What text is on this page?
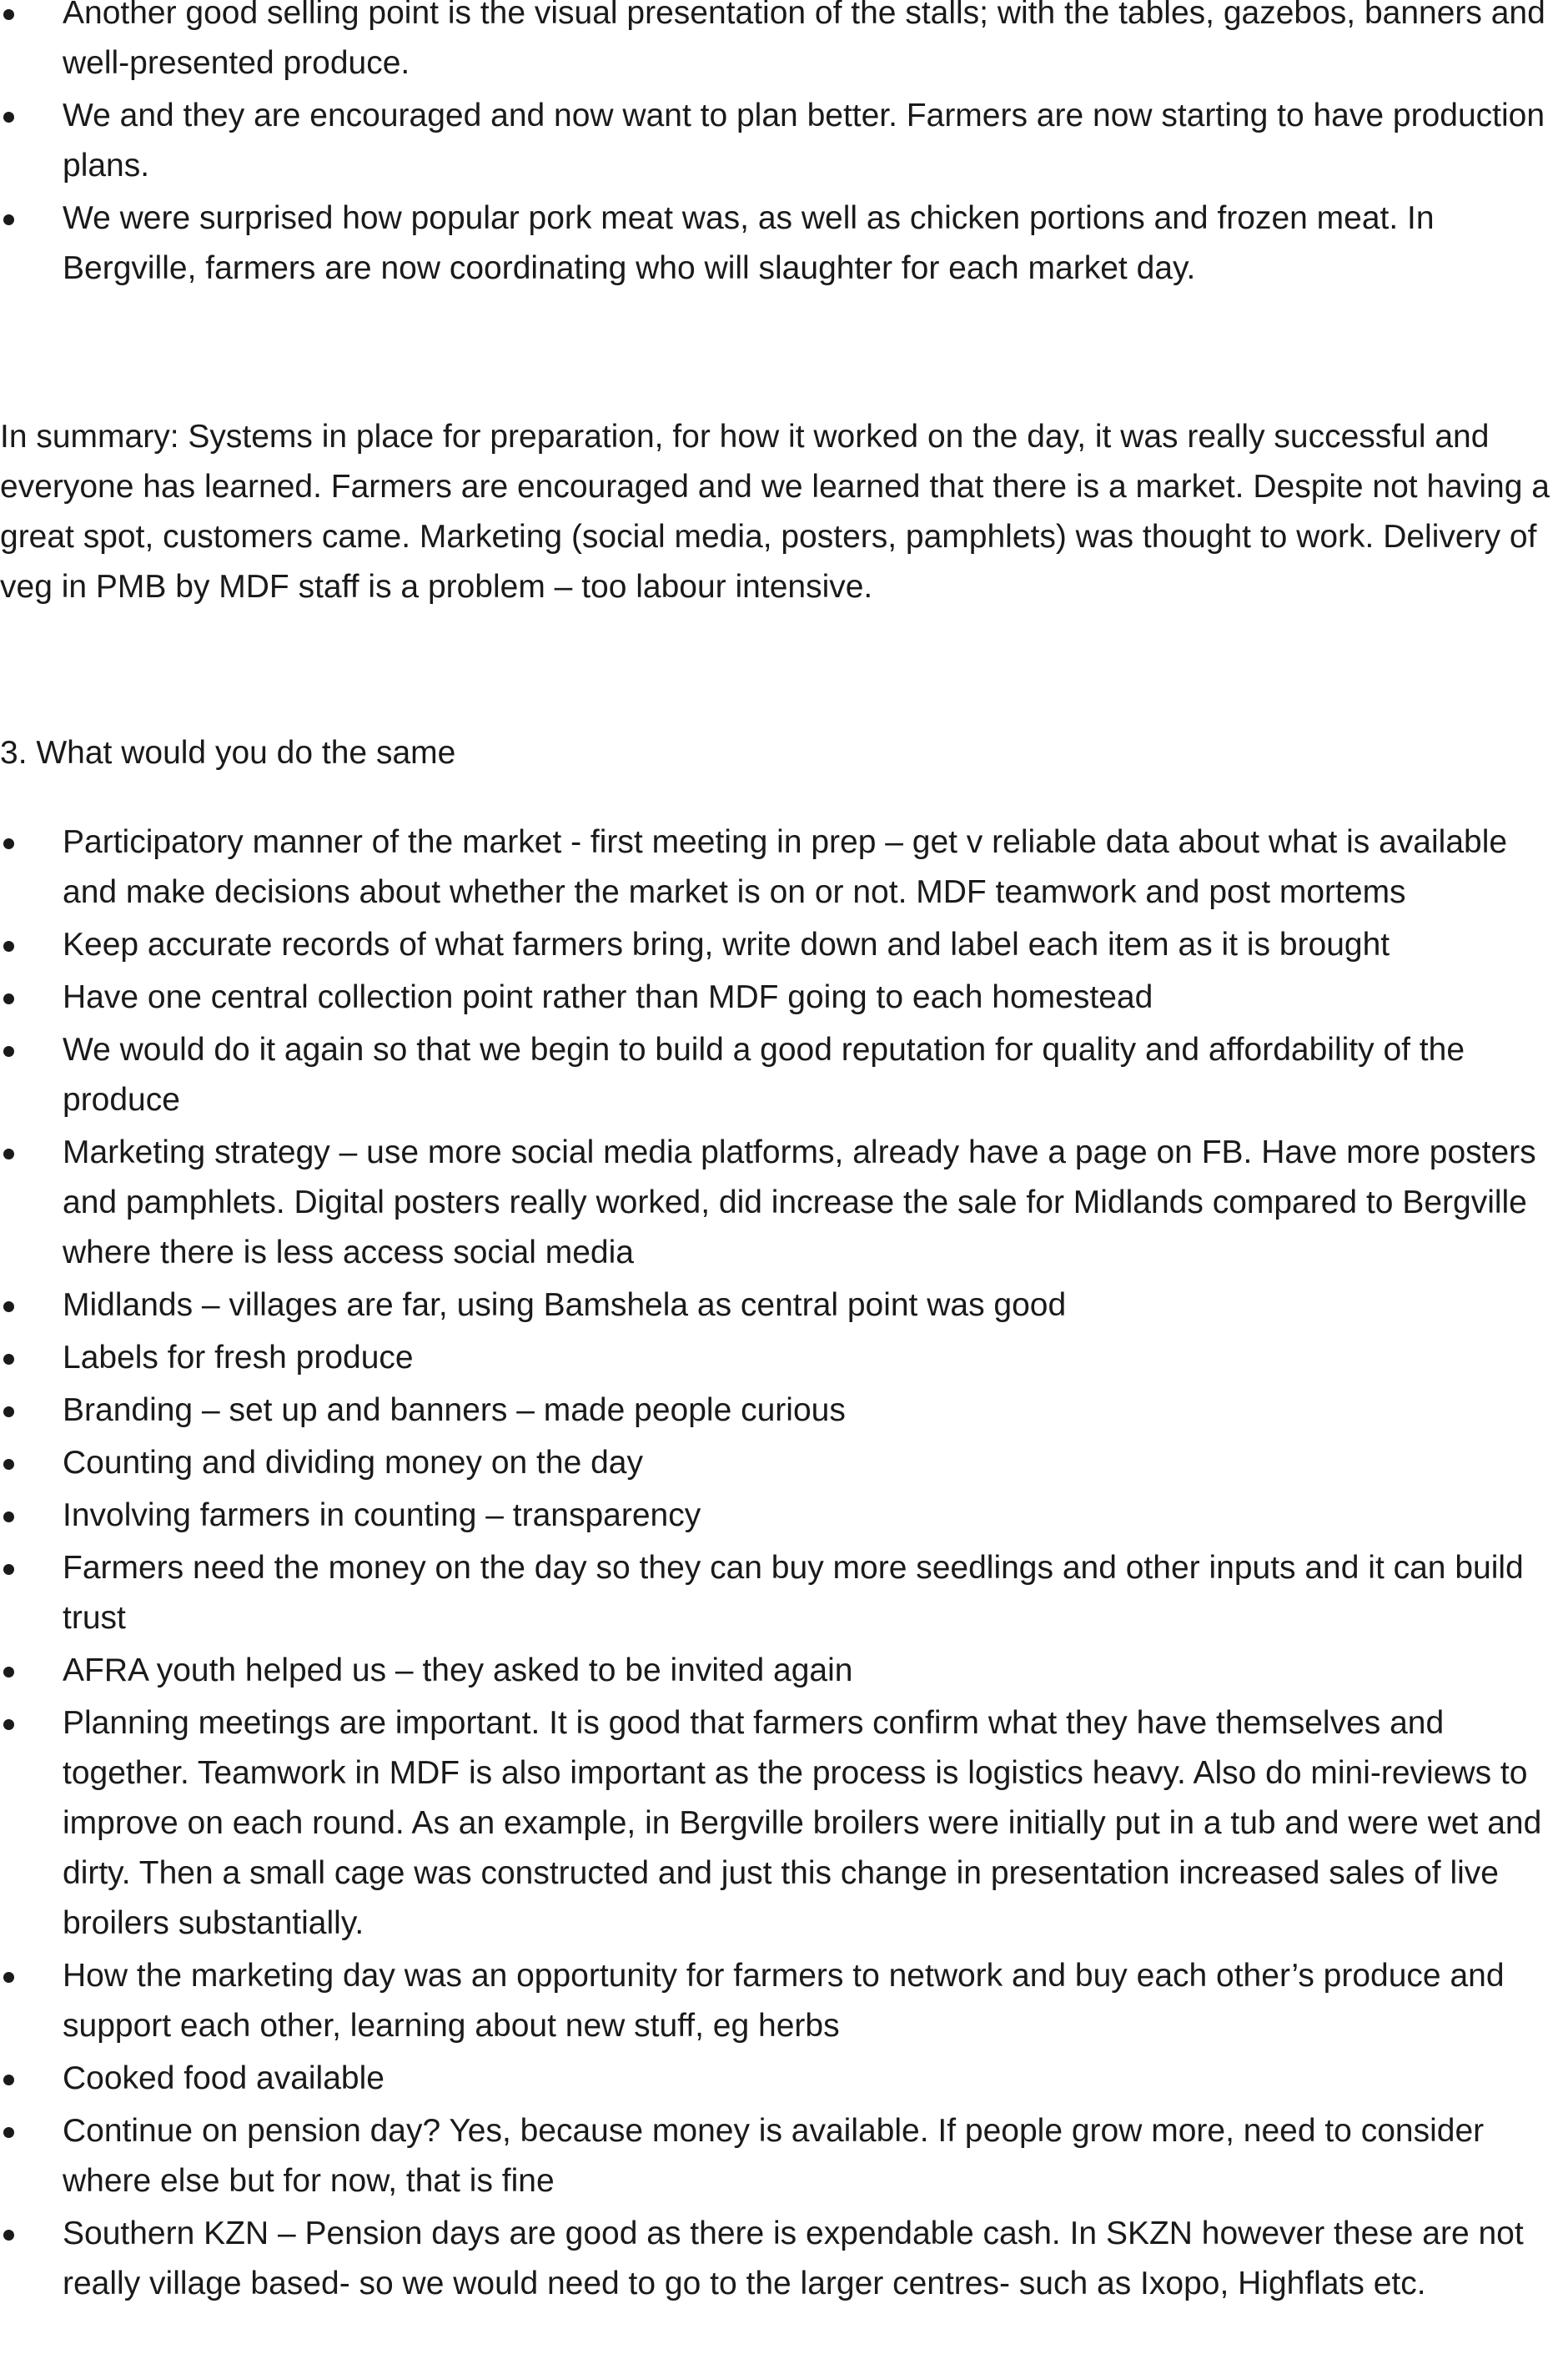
Another good selling point is the visual presentation of the stalls; with the tables, gazebos, banners and well-presented produce.
We and they are encouraged and now want to plan better. Farmers are now starting to have production plans.
We were surprised how popular pork meat was, as well as chicken portions and frozen meat. In Bergville, farmers are now coordinating who will slaughter for each market day.

In summary: Systems in place for preparation, for how it worked on the day, it was really successful and everyone has learned. Farmers are encouraged and we learned that there is a market. Despite not having a great spot, customers came. Marketing (social media, posters, pamphlets) was thought to work. Delivery of veg in PMB by MDF staff is a problem – too labour intensive.

3. What would you do the same
Participatory manner of the market - first meeting in prep – get v reliable data about what is available and make decisions about whether the market is on or not. MDF teamwork and post mortems
Keep accurate records of what farmers bring, write down and label each item as it is brought
Have one central collection point rather than MDF going to each homestead
We would do it again so that we begin to build a good reputation for quality and affordability of the produce
Marketing strategy – use more social media platforms, already have a page on FB. Have more posters and pamphlets. Digital posters really worked, did increase the sale for Midlands compared to Bergville where there is less access social media
Midlands – villages are far, using Bamshela as central point was good
Labels for fresh produce
Branding – set up and banners – made people curious
Counting and dividing money on the day
Involving farmers in counting – transparency
Farmers need the money on the day so they can buy more seedlings and other inputs and it can build trust
AFRA youth helped us – they asked to be invited again
Planning meetings are important. It is good that farmers confirm what they have themselves and together. Teamwork in MDF is also important as the process is logistics heavy. Also do mini-reviews to improve on each round. As an example, in Bergville broilers were initially put in a tub and were wet and dirty. Then a small cage was constructed and just this change in presentation increased sales of live broilers substantially.
How the marketing day was an opportunity for farmers to network and buy each other’s produce and support each other, learning about new stuff, eg herbs
Cooked food available
Continue on pension day? Yes, because money is available. If people grow more, need to consider where else but for now, that is fine
Southern KZN – Pension days are good as there is expendable cash. In SKZN however these are not really village based- so we would need to go to the larger centres- such as Ixopo, Highflats etc.
